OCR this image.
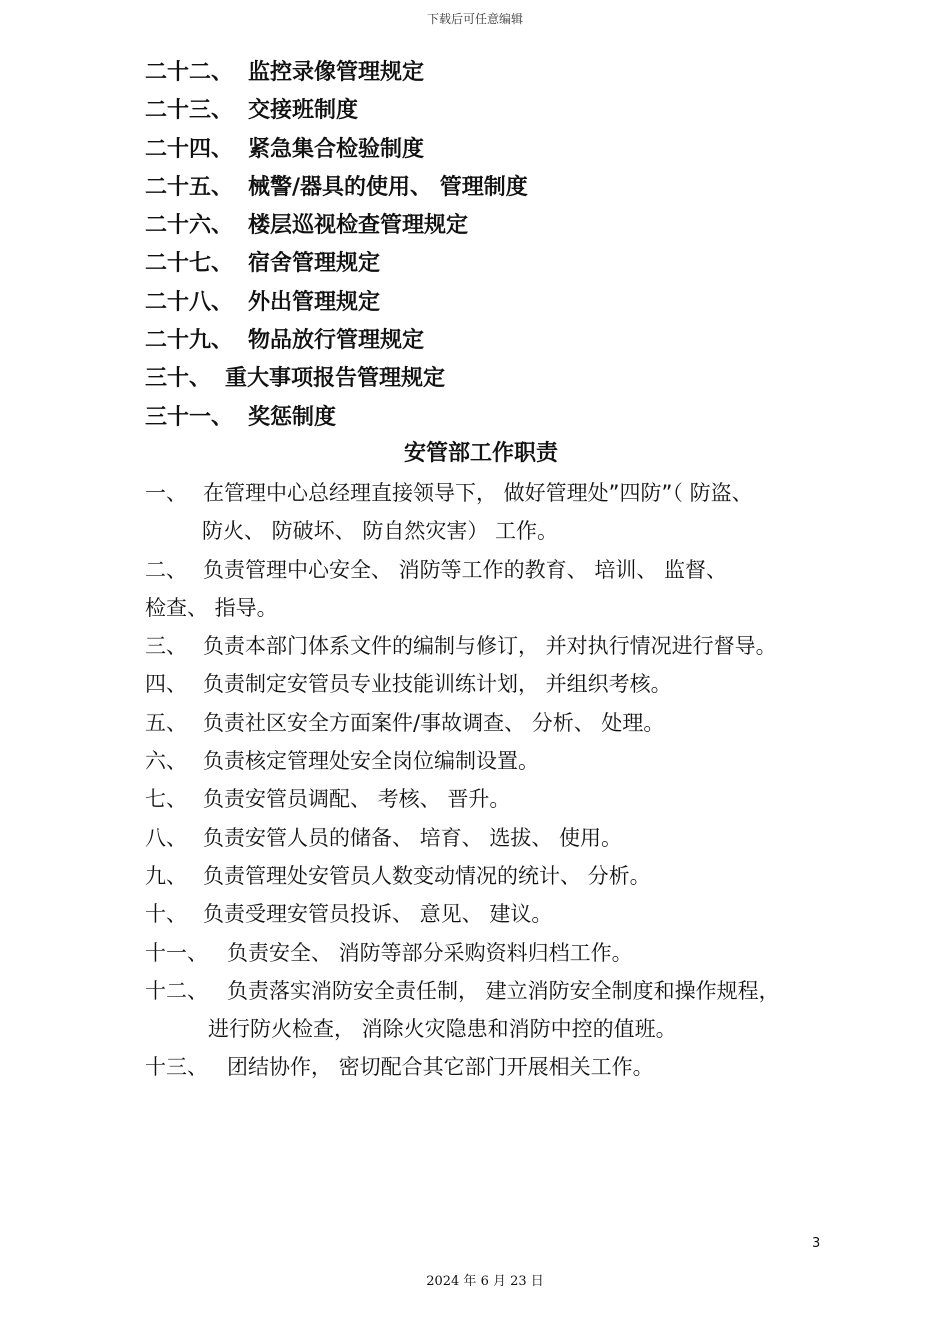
下载后可任意编辑
二十二、 监控录像管理规定
二十三、 交接班制度
二十四、 紧急集合检验制度
二十五、 械警/器具的使用、 管理制度
二十六、 楼层巡视检查管理规定
二十七、 宿舍管理规定
二十八、 外出管理规定
二十九、 物品放行管理规定
三十、 重大事项报告管理规定
三十一、 奖惩制度
安管部工作职责
一、 在管理中心总经理直接领导下， 做好管理处”四防”（ 防盗、
防火、 防破坏、 防自然灾害） 工作。
二、 负责管理中心安全、 消防等工作的教育、 培训、 监督、
检查、 指导。
三、 负责本部门体系文件的编制与修订， 并对执行情况进行督导。
四、 负责制定安管员专业技能训练计划， 并组织考核。
五、 负责社区安全方面案件/事故调查、 分析、 处理。
六、 负责核定管理处安全岗位编制设置。
七、 负责安管员调配、 考核、 晋升。
八、 负责安管人员的储备、 培育、 选拔、 使用。
九、 负责管理处安管员人数变动情况的统计、 分析。
十、 负责受理安管员投诉、 意见、 建议。
十一、 负责安全、 消防等部分采购资料归档工作。
十二、 负责落实消防安全责任制， 建立消防安全制度和操作规程，
进行防火检查， 消除火灾隐患和消防中控的值班。
十三、 团结协作， 密切配合其它部门开展相关工作。
3
2024 年 6 月 23 日
